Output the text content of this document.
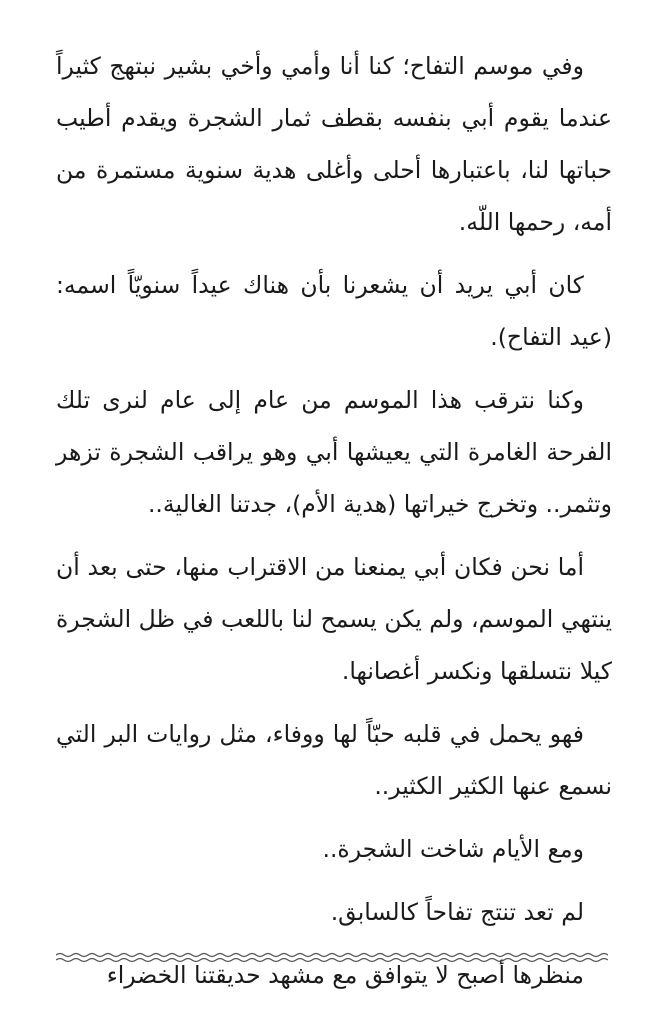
وفي موسم التفاح؛ كنا أنا وأمي وأخي بشير نبتهج كثيراً عندما يقوم أبي بنفسه بقطف ثمار الشجرة ويقدم أطيب حباتها لنا، باعتبارها أحلى وأغلى هدية سنوية مستمرة من أمه، رحمها اللّه.

كان أبي يريد أن يشعرنا بأن هناك عيداً سنويّاً اسمه: (عيد التفاح).

وكنا نترقب هذا الموسم من عام إلى عام لنرى تلك الفرحة الغامرة التي يعيشها أبي وهو يراقب الشجرة تزهر وتثمر.. وتخرج خيراتها (هدية الأم)، جدتنا الغالية..

أما نحن فكان أبي يمنعنا من الاقتراب منها، حتى بعد أن ينتهي الموسم، ولم يكن يسمح لنا باللعب في ظل الشجرة كيلا نتسلقها ونكسر أغصانها.

فهو يحمل في قلبه حبّاً لها ووفاء، مثل روايات البر التي نسمع عنها الكثير الكثير..

ومع الأيام شاخت الشجرة..

لم تعد تنتج تفاحاً كالسابق.

منظرها أصبح لا يتوافق مع مشهد حديقتنا الخضراء
